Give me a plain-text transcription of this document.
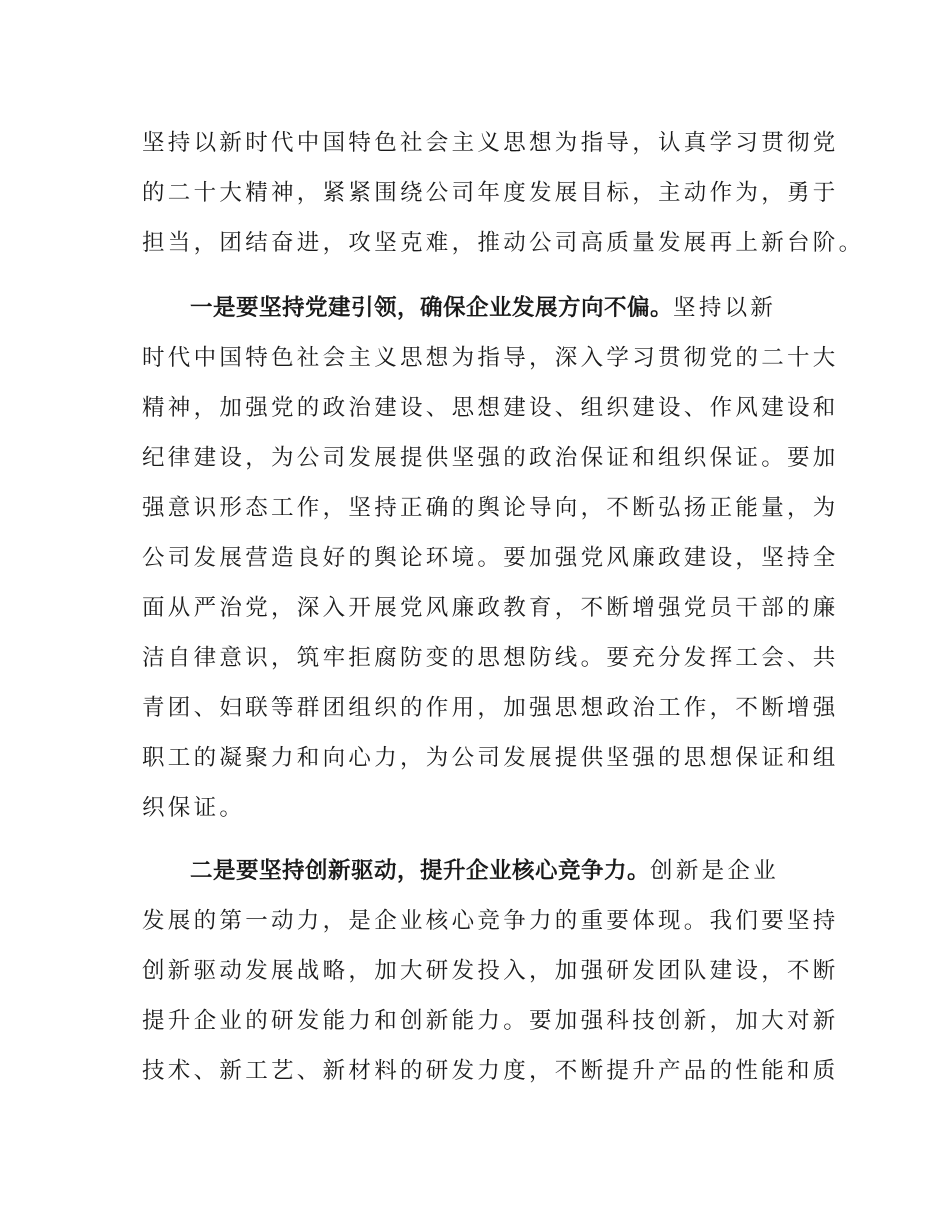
坚持以新时代中国特色社会主义思想为指导，认真学习贯彻党
的二十大精神，紧紧围绕公司年度发展目标，主动作为，勇于
担当，团结奋进，攻坚克难，推动公司高质量发展再上新台阶。
一是要坚持党建引领，确保企业发展方向不偏。坚持以新
时代中国特色社会主义思想为指导，深入学习贯彻党的二十大
精神，加强党的政治建设、思想建设、组织建设、作风建设和
纪律建设，为公司发展提供坚强的政治保证和组织保证。要加
强意识形态工作，坚持正确的舆论导向，不断弘扬正能量，为
公司发展营造良好的舆论环境。要加强党风廉政建设，坚持全
面从严治党，深入开展党风廉政教育，不断增强党员干部的廉
洁自律意识，筑牢拒腐防变的思想防线。要充分发挥工会、共
青团、妇联等群团组织的作用，加强思想政治工作，不断增强
职工的凝聚力和向心力，为公司发展提供坚强的思想保证和组
织保证。
二是要坚持创新驱动，提升企业核心竞争力。创新是企业
发展的第一动力，是企业核心竞争力的重要体现。我们要坚持
创新驱动发展战略，加大研发投入，加强研发团队建设，不断
提升企业的研发能力和创新能力。要加强科技创新，加大对新
技术、新工艺、新材料的研发力度，不断提升产品的性能和质
